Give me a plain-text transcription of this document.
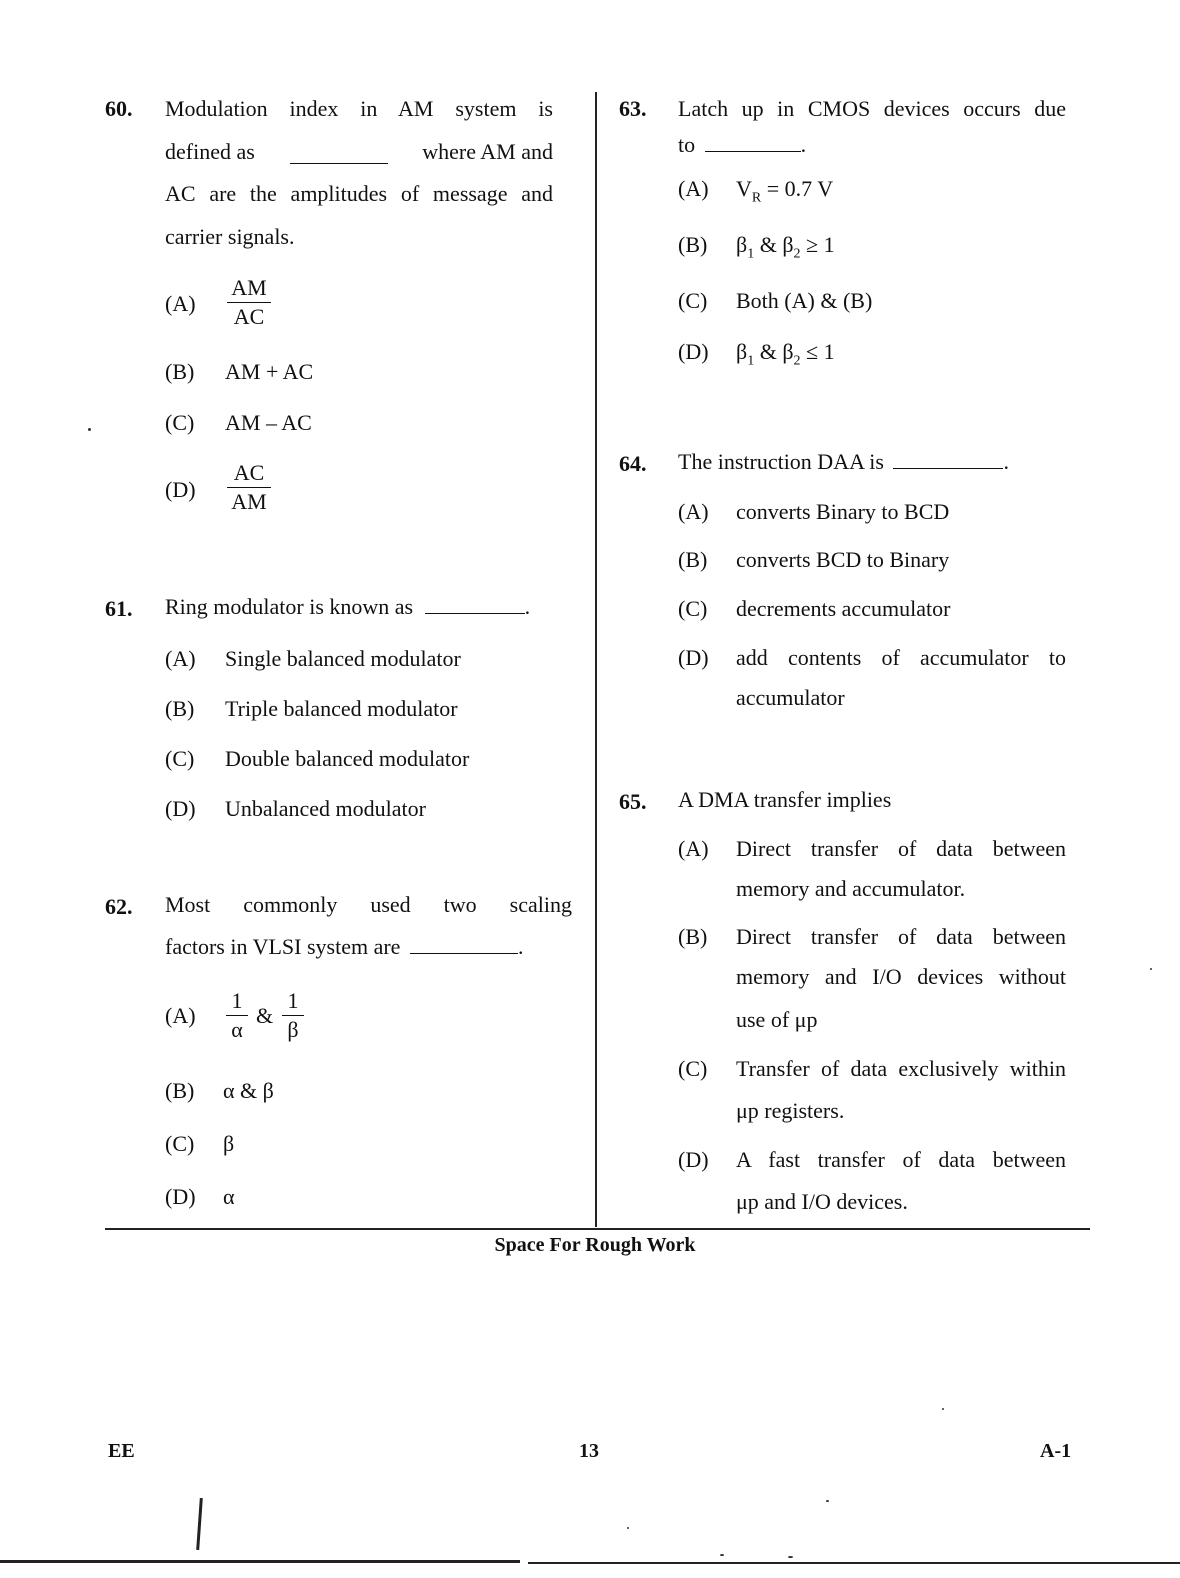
60. Modulation index in AM system is
defined as	where AM and
AC are the amplitudes of message and
carrier signals.
(A)
AM
AC
(B) AM + AC
(C) AM – AC
(D)
AC
AM
61. Ring modulator is known as	.
(A) Single balanced modulator
(B) Triple balanced modulator
(C) Double balanced modulator
(D) Unbalanced modulator
62. Most commonly used two scaling
factors in VLSI system are	.
(A)
1
α
&
1
β
(B) α & β
(C) β
(D) α
63. Latch up in CMOS devices occurs due
to	.
(A) $V_R = 0.7$ V
(B) $\beta_1$ & $\beta_2 \ge 1$
(C) Both (A) & (B)
(D) $\beta_1$ & $\beta_2 \le 1$
64. The instruction DAA is	.
(A) converts Binary to BCD
(B) converts BCD to Binary
(C) decrements accumulator
(D) add contents of accumulator to
accumulator
65. A DMA transfer implies
(A) Direct transfer of data between
memory and accumulator.
(B) Direct transfer of data between
memory and I/O devices without
use of μp
(C) Transfer of data exclusively within
μp registers.
(D) A fast transfer of data between
μp and I/O devices.
Space For Rough Work
EE	13	A-1
